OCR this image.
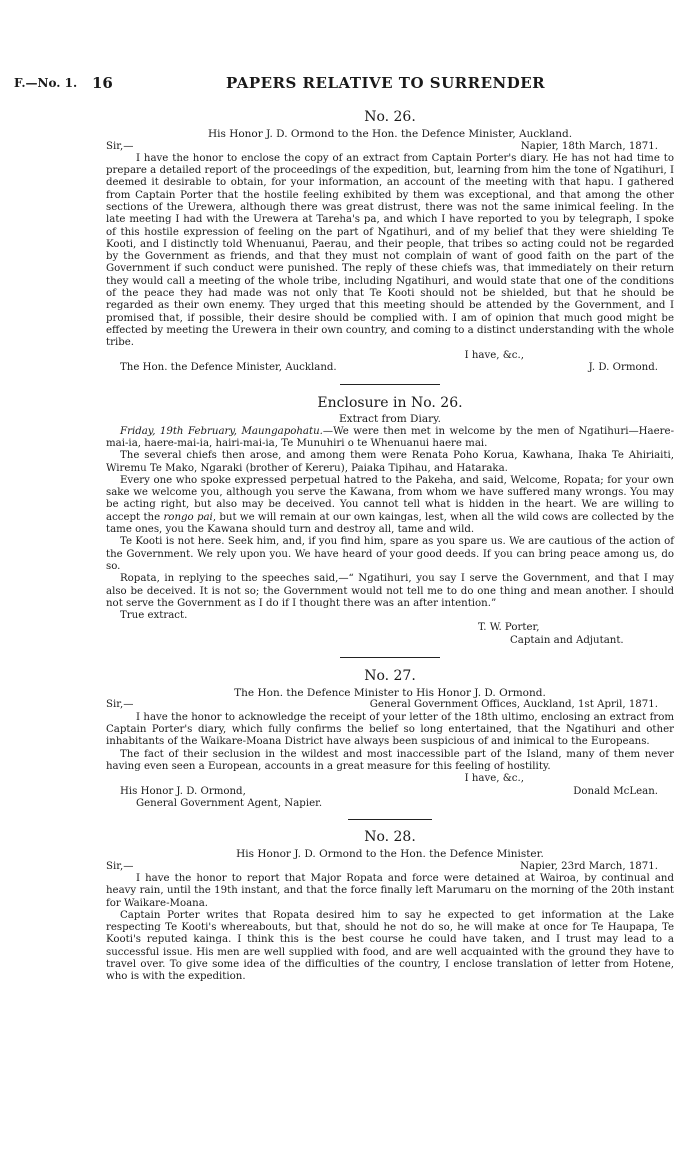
F.—No. 1. 16	PAPERS RELATIVE TO SURRENDER
No. 26.
His Honor J. D. Ormond to the Hon. the Defence Minister, Auckland.
Sir,—	Napier, 18th March, 1871.

I have the honor to enclose the copy of an extract from Captain Porter's diary. He has not had time to prepare a detailed report of the proceedings of the expedition, but, learning from him the tone of Ngatihuri, I deemed it desirable to obtain, for your information, an account of the meeting with that hapu. I gathered from Captain Porter that the hostile feeling exhibited by them was exceptional, and that among the other sections of the Urewera, although there was great distrust, there was not the same inimical feeling. In the late meeting I had with the Urewera at Tareha's pa, and which I have reported to you by telegraph, I spoke of this hostile expression of feeling on the part of Ngatihuri, and of my belief that they were shielding Te Kooti, and I distinctly told Whenuanui, Paerau, and their people, that tribes so acting could not be regarded by the Government as friends, and that they must not complain of want of good faith on the part of the Government if such conduct were punished. The reply of these chiefs was, that immediately on their return they would call a meeting of the whole tribe, including Ngatihuri, and would state that one of the conditions of the peace they had made was not only that Te Kooti should not be shielded, but that he should be regarded as their own enemy. They urged that this meeting should be attended by the Government, and I promised that, if possible, their desire should be complied with. I am of opinion that much good might be effected by meeting the Urewera in their own country, and coming to a distinct understanding with the whole tribe.

I have, &c.,
The Hon. the Defence Minister, Auckland.	J. D. Ormond.
Enclosure in No. 26.
Extract from Diary.

Friday, 19th February, Maungapohatu.—We were then met in welcome by the men of Ngatihuri—Haere-mai-ia, haere-mai-ia, hairi-mai-ia, Te Munuhiri o te Whenuanui haere mai.

The several chiefs then arose, and among them were Renata Poho Korua, Kawhana, Ihaka Te Ahiriaiti, Wiremu Te Mako, Ngaraki (brother of Kereru), Paiaka Tipihau, and Hataraka.

Every one who spoke expressed perpetual hatred to the Pakeha, and said, Welcome, Ropata; for your own sake we welcome you, although you serve the Kawana, from whom we have suffered many wrongs. You may be acting right, but also may be deceived. You cannot tell what is hidden in the heart. We are willing to accept the rongo pai, but we will remain at our own kaingas, lest, when all the wild cows are collected by the tame ones, you the Kawana should turn and destroy all, tame and wild.

Te Kooti is not here. Seek him, and, if you find him, spare as you spare us. We are cautious of the action of the Government. We rely upon you. We have heard of your good deeds. If you can bring peace among us, do so.

Ropata, in replying to the speeches said,—“ Ngatihuri, you say I serve the Government, and that I may also be deceived. It is not so; the Government would not tell me to do one thing and mean another. I should not serve the Government as I do if I thought there was an after intention.”

True extract.
T. W. Porter,
Captain and Adjutant.
No. 27.
The Hon. the Defence Minister to His Honor J. D. Ormond.
Sir,—	General Government Offices, Auckland, 1st April, 1871.

I have the honor to acknowledge the receipt of your letter of the 18th ultimo, enclosing an extract from Captain Porter's diary, which fully confirms the belief so long entertained, that the Ngatihuri and other inhabitants of the Waikare-Moana District have always been suspicious of and inimical to the Europeans.

The fact of their seclusion in the wildest and most inaccessible part of the Island, many of them never having even seen a European, accounts in a great measure for this feeling of hostility.

I have, &c.,
His Honor J. D. Ormond,	Donald McLean.
General Government Agent, Napier.
No. 28.
His Honor J. D. Ormond to the Hon. the Defence Minister.
Sir,—	Napier, 23rd March, 1871.

I have the honor to report that Major Ropata and force were detained at Wairoa, by continual and heavy rain, until the 19th instant, and that the force finally left Marumaru on the morning of the 20th instant for Waikare-Moana.

Captain Porter writes that Ropata desired him to say he expected to get information at the Lake respecting Te Kooti's whereabouts, but that, should he not do so, he will make at once for Te Haupapa, Te Kooti's reputed kainga. I think this is the best course he could have taken, and I trust may lead to a successful issue. His men are well supplied with food, and are well acquainted with the ground they have to travel over. To give some idea of the difficulties of the country, I enclose translation of letter from Hotene, who is with the expedition.
